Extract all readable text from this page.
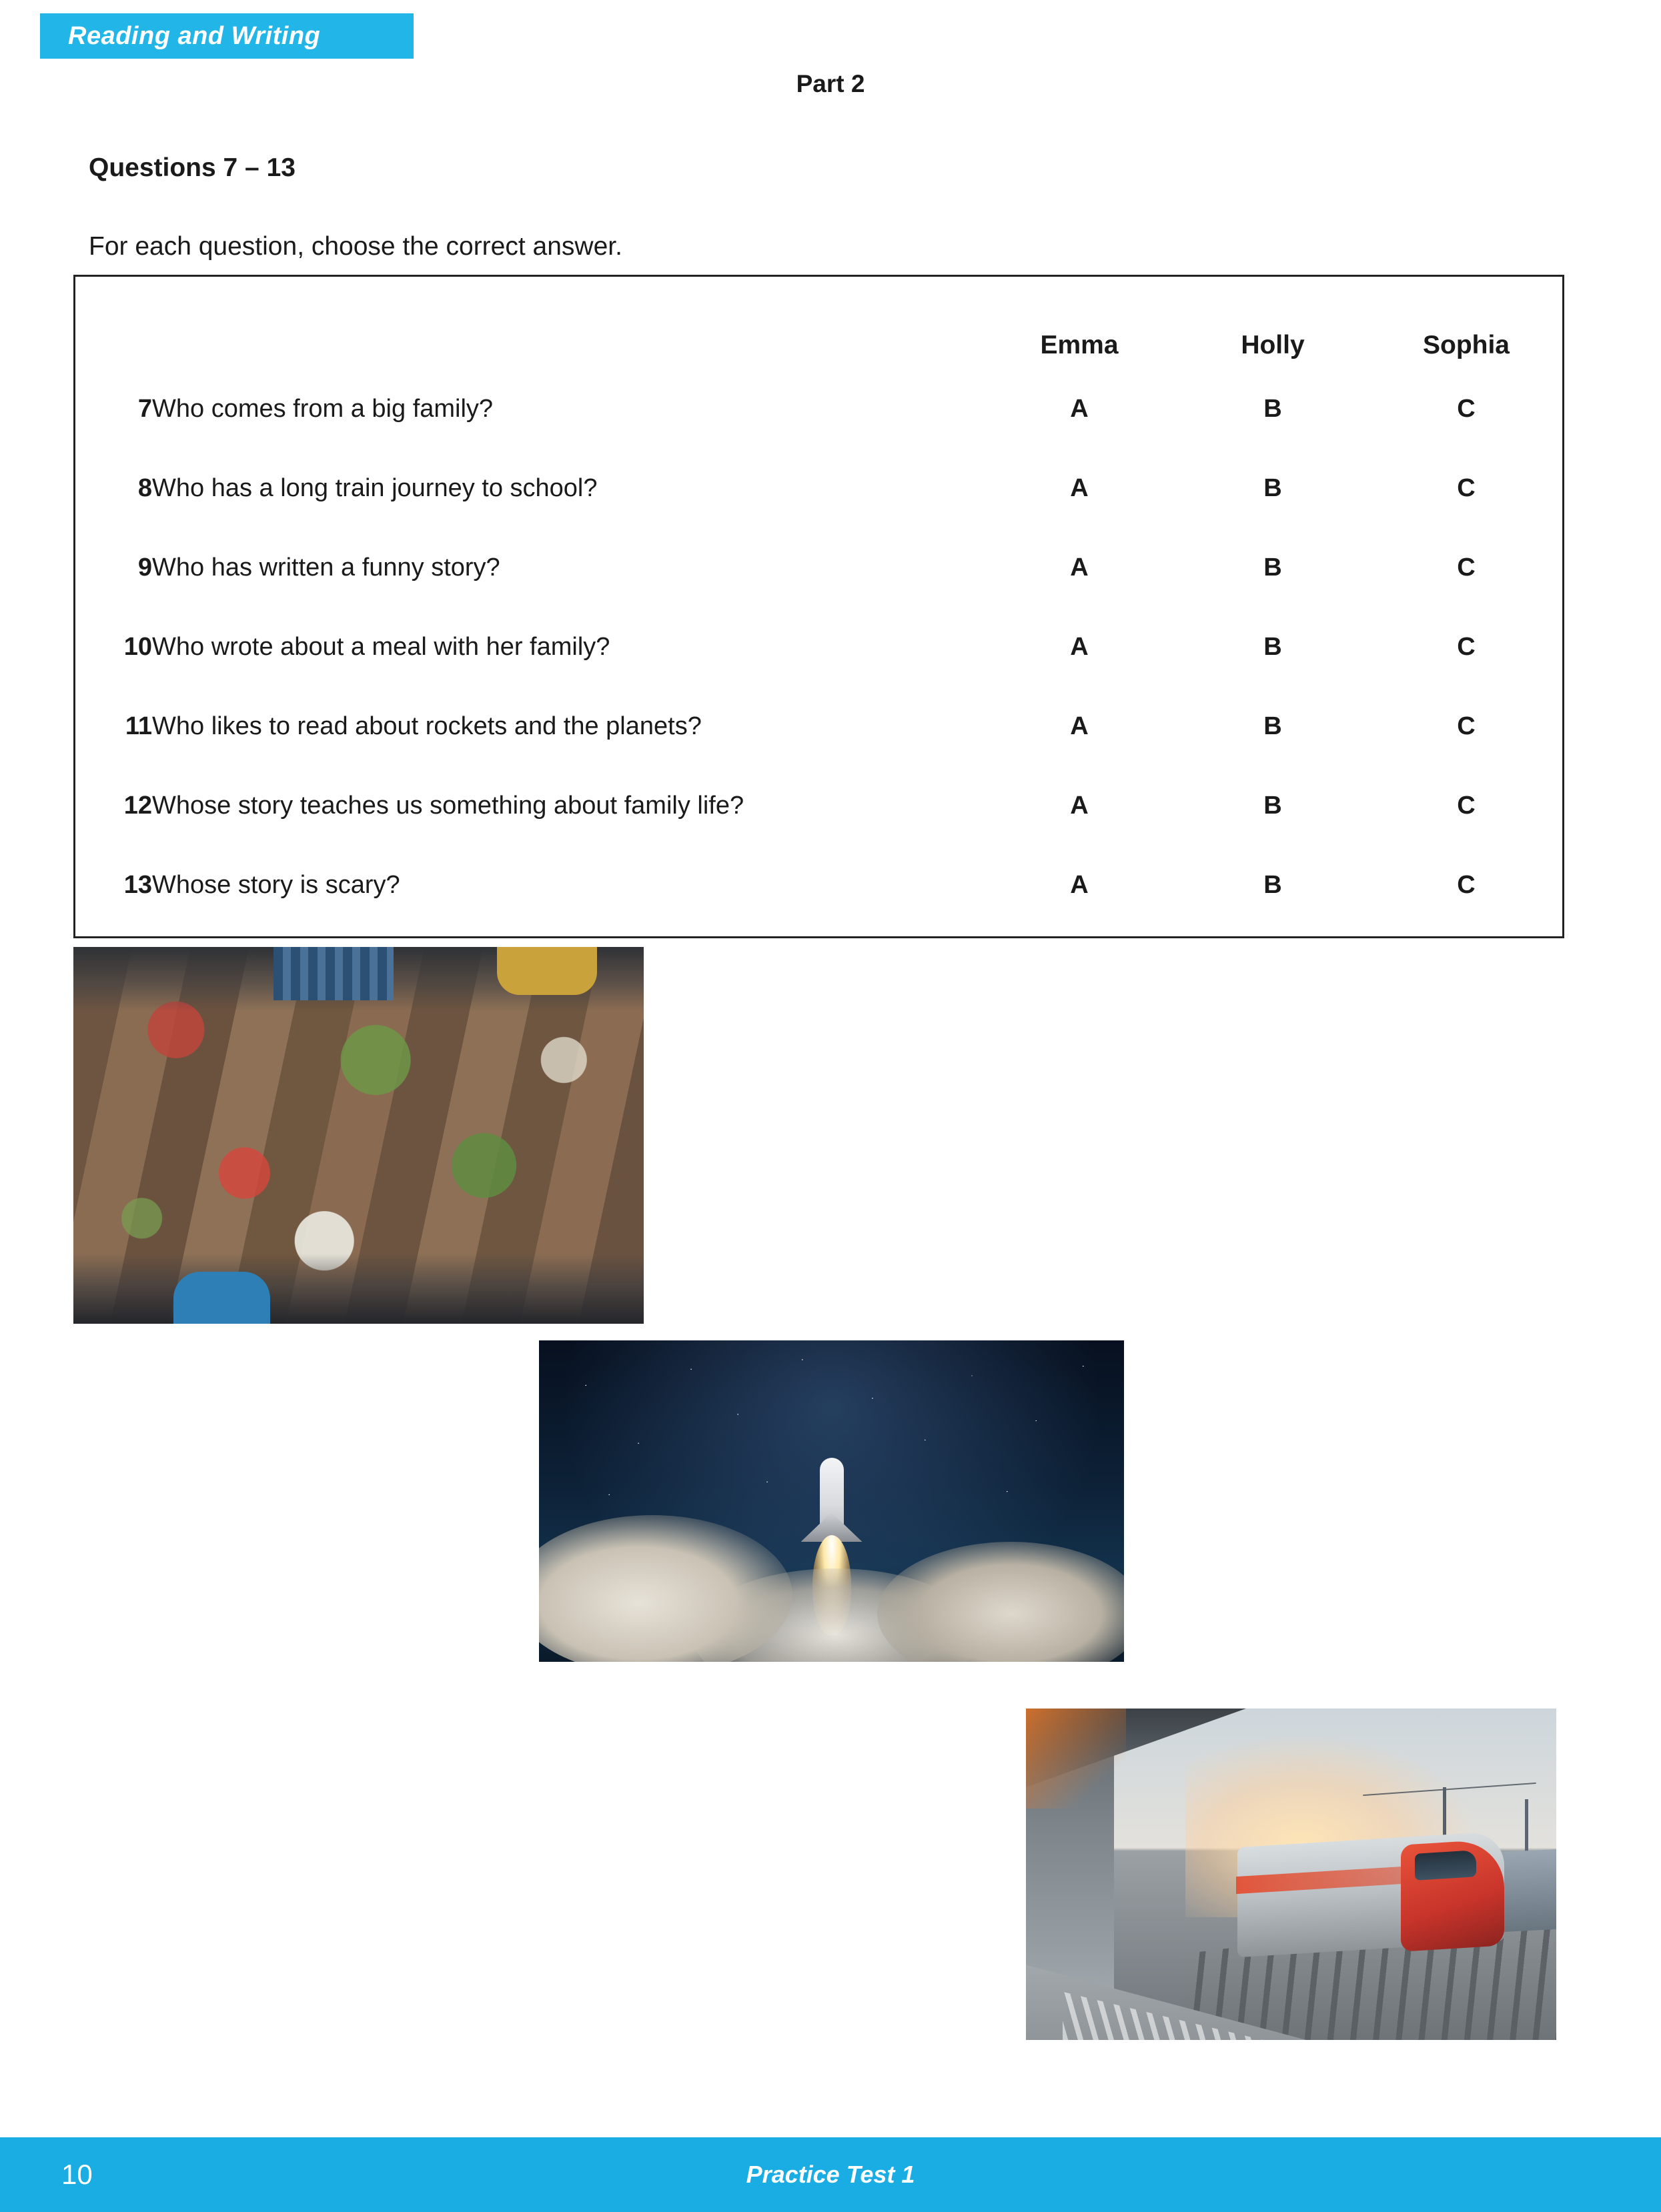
Reading and Writing
Part 2
Questions 7 – 13
For each question, choose the correct answer.
		Emma	Holly	Sophia
7	Who comes from a big family?	A	B	C
8	Who has a long train journey to school?	A	B	C
9	Who has written a funny story?	A	B	C
10	Who wrote about a meal with her family?	A	B	C
11	Who likes to read about rockets and the planets?	A	B	C
12	Whose story teaches us something about family life?	A	B	C
13	Whose story is scary?	A	B	C
10	Practice Test 1
